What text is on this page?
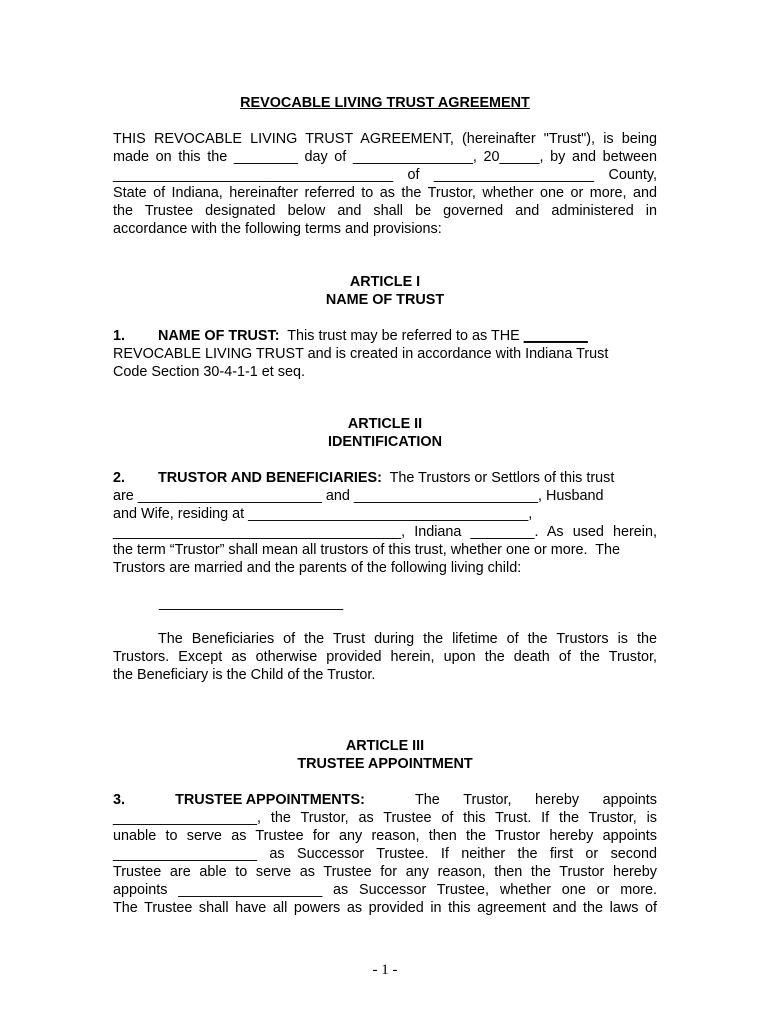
REVOCABLE LIVING TRUST AGREEMENT
THIS REVOCABLE LIVING TRUST AGREEMENT, (hereinafter "Trust"), is being
made on this the ________ day of _______________, 20_____, by and between
___________________________________ of ____________________ County,
State of Indiana, hereinafter referred to as the Trustor, whether one or more, and
the Trustee designated below and shall be governed and administered in
accordance with the following terms and provisions:
ARTICLE I
NAME OF TRUST
1. NAME OF TRUST: This trust may be referred to as THE ________
REVOCABLE LIVING TRUST and is created in accordance with Indiana Trust
Code Section 30-4-1-1 et seq.
ARTICLE II
IDENTIFICATION
2. TRUSTOR AND BENEFICIARIES: The Trustors or Settlors of this trust
are _______________________ and _______________________, Husband
and Wife, residing at ___________________________________,
____________________________________, Indiana ________. As used herein,
the term “Trustor” shall mean all trustors of this trust, whether one or more.  The
Trustors are married and the parents of the following living child:
_______________________
The Beneficiaries of the Trust during the lifetime of the Trustors is the
Trustors. Except as otherwise provided herein, upon the death of the Trustor,
the Beneficiary is the Child of the Trustor.
ARTICLE III
TRUSTEE APPOINTMENT
3.	TRUSTEE APPOINTMENTS:	The Trustor, hereby appoints
__________________, the Trustor, as Trustee of this Trust. If the Trustor, is
unable to serve as Trustee for any reason, then the Trustor hereby appoints
__________________ as Successor Trustee. If neither the first or second
Trustee are able to serve as Trustee for any reason, then the Trustor hereby
appoints __________________ as Successor Trustee, whether one or more.
The Trustee shall have all powers as provided in this agreement and the laws of
- 1 -
